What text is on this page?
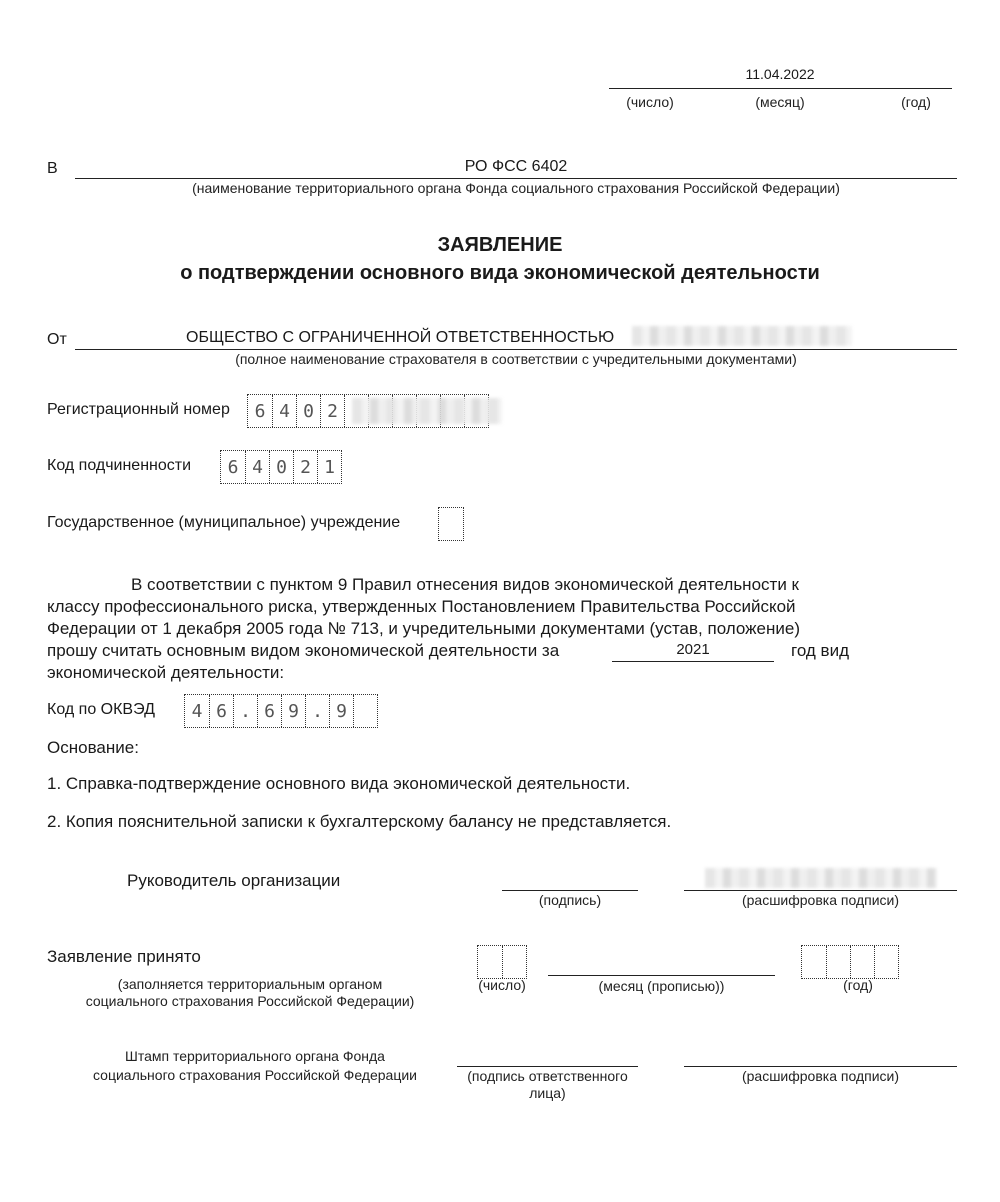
11.04.2022
(число)	(месяц)	(год)
В	РО ФСС 6402
(наименование территориального органа Фонда социального страхования Российской Федерации)
ЗАЯВЛЕНИЕ
о подтверждении основного вида экономической деятельности
От	ОБЩЕСТВО С ОГРАНИЧЕННОЙ ОТВЕТСТВЕННОСТЬЮ
(полное наименование страхователя в соответствии с учредительными документами)
Регистрационный номер	6 4 0 2
Код подчиненности	6 4 0 2 1
Государственное (муниципальное) учреждение
В соответствии с пунктом 9 Правил отнесения видов экономической деятельности к
классу профессионального риска, утвержденных Постановлением Правительства Российской
Федерации от 1 декабря 2005 года № 713, и учредительными документами (устав, положение)
прошу считать основным видом экономической деятельности за	2021	год вид
экономической деятельности:
Код по ОКВЭД	4 6 . 6 9 . 9
Основание:
1. Справка-подтверждение основного вида экономической деятельности.
2. Копия пояснительной записки к бухгалтерскому балансу не представляется.
Руководитель организации
(подпись)	(расшифровка подписи)
Заявление принято
(заполняется территориальным органом
социального страхования Российской Федерации)
(число)	(месяц (прописью))	(год)
Штамп территориального органа Фонда
социального страхования Российской Федерации	(подпись ответственного
лица)
(расшифровка подписи)
